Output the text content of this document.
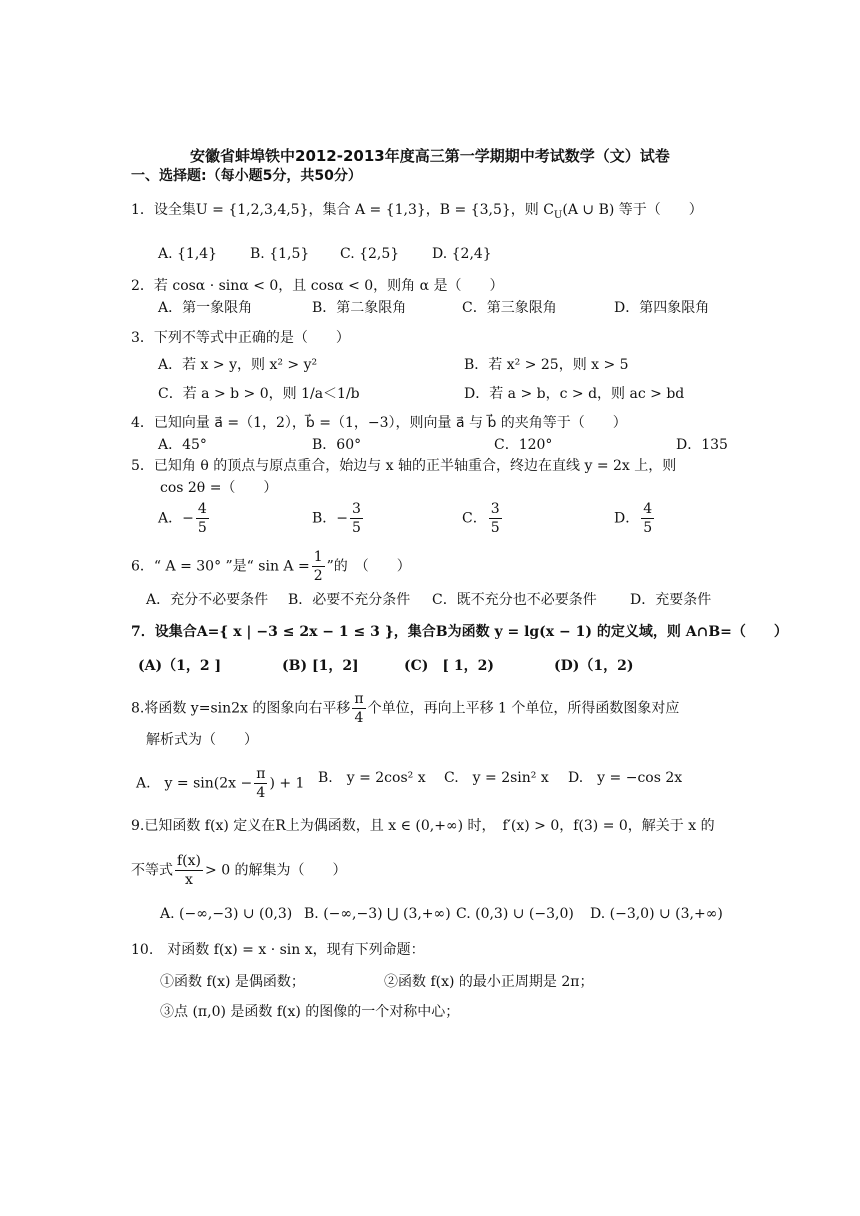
安徽省蚌埠铁中2012-2013年度高三第一学期期中考试数学（文）试卷
一、选择题:（每小题5分，共50分）
1．设全集U = {1,2,3,4,5}，集合 A = {1,3}，B = {3,5}，则 $C_U(A$ ∪ B) 等于（　　）
A. {1,4} B. {1,5} C. {2,5} D. {2,4}
2．若 cosα · sinα < 0，且 cosα < 0，则角 α 是（　　）
A．第一象限角	B．第二象限角	C．第三象限角	D．第四象限角
3．下列不等式中正确的是（　　）
A．若 x > y，则 x² > y²	B．若 x² > 25，则 x > 5
C．若 a > b > 0，则 1/a＜1/b	D．若 a > b，c > d，则 ac > bd
4．已知向量 a⃗ =（1，2），b⃗ =（1，−3），则向量 a⃗ 与 b⃗ 的夹角等于（　　）
A．45°	B．60°	C．120°	D．135
5．已知角 θ 的顶点与原点重合，始边与 x 轴的正半轴重合，终边在直线 y = 2x 上，则
cos 2θ =（　　）
A．− $\frac{4}{5}$	B．− $\frac{3}{5}$	C． $\frac{3}{5}$	D． $\frac{4}{5}$
6．“ A = 30° ”是“ $\sin A = \frac{1}{2}$ ”的　（　　）
A．充分不必要条件 B．必要不充分条件 C．既不充分也不必要条件 D．充要条件
7．设集合A={ x | −3 ≤ 2x − 1 ≤ 3 }，集合B为函数 y = lg(x − 1) 的定义域，则 A∩B=（　　）
(A)（1，2 ]	(B) [1，2]	(C)　[ 1，2)	(D)（1，2)
8.将函数 y=sin2x 的图象向右平移 $\frac{\pi}{4}$ 个单位，再向上平移 1 个单位，所得函数图象对应
解析式为（　　）
A.　$y = \sin(2x - \frac{\pi}{4}$ ) + 1 B.　y = 2cos² x C.　y = 2sin² x D.　y = −cos 2x
9.已知函数 f(x) 定义在R上为偶函数，且 x ∈ (0,+∞) 时，　f′(x) > 0，f(3) = 0，解关于 x 的
不等式 $\frac{f(x)}{x} > 0$ 的解集为（　　）
A. (−∞,−3) ∪ (0,3) B. (−∞,−3) ⋃ (3,+∞) C. (0,3) ∪ (−3,0) D. (−3,0) ∪ (3,+∞)
10.　对函数 f(x) = x · sin x，现有下列命题：
①函数 f(x) 是偶函数；	②函数 f(x) 的最小正周期是 2π；
③点 (π,0) 是函数 f(x) 的图像的一个对称中心；
